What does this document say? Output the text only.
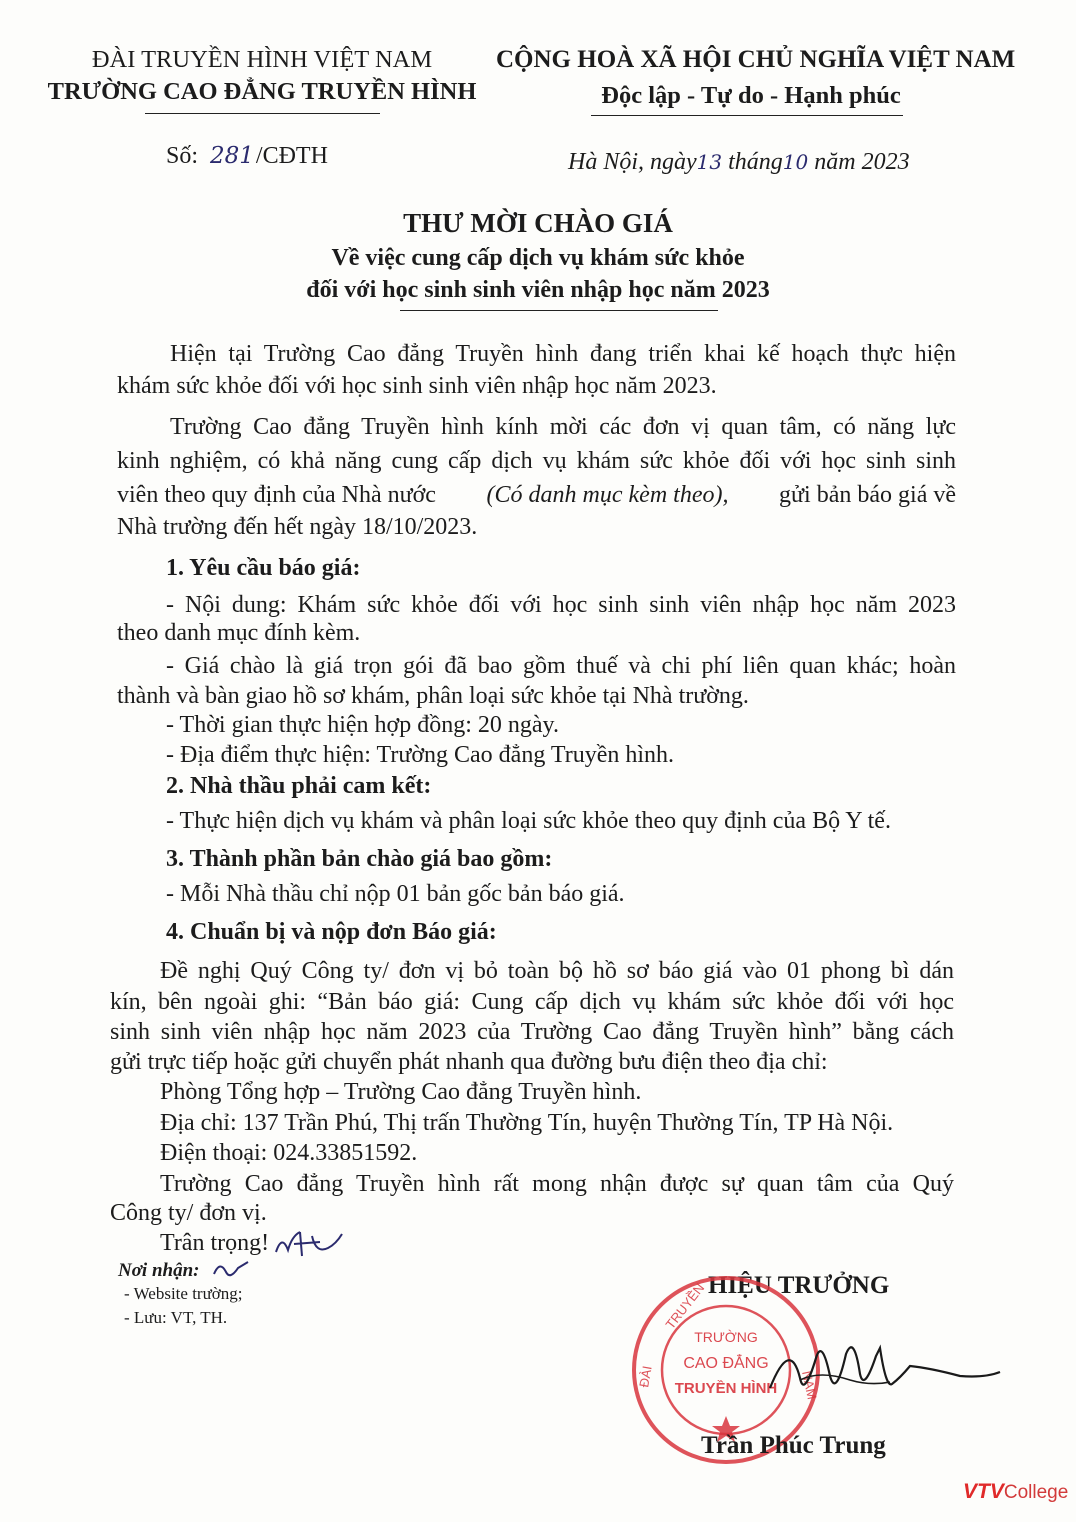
ĐÀI TRUYỀN HÌNH VIỆT NAM
TRƯỜNG CAO ĐẲNG TRUYỀN HÌNH
CỘNG HOÀ XÃ HỘI CHỦ NGHĨA VIỆT NAM
Độc lập - Tự do - Hạnh phúc
Số: 281/CĐTH	Hà Nội, ngày13 tháng10 năm 2023
THƯ MỜI CHÀO GIÁ
Về việc cung cấp dịch vụ khám sức khỏe
đối với học sinh sinh viên nhập học năm 2023
Hiện tại Trường Cao đẳng Truyền hình đang triển khai kế hoạch thực hiện
khám sức khỏe đối với học sinh sinh viên nhập học năm 2023.
Trường Cao đẳng Truyền hình kính mời các đơn vị quan tâm, có năng lực
kinh nghiệm, có khả năng cung cấp dịch vụ khám sức khỏe đối với học sinh sinh
viên theo quy định của Nhà nước (Có danh mục kèm theo), gửi bản báo giá về
Nhà trường đến hết ngày 18/10/2023.
1. Yêu cầu báo giá:
- Nội dung: Khám sức khỏe đối với học sinh sinh viên nhập học năm 2023
theo danh mục đính kèm.
- Giá chào là giá trọn gói đã bao gồm thuế và chi phí liên quan khác; hoàn
thành và bàn giao hồ sơ khám, phân loại sức khỏe tại Nhà trường.
- Thời gian thực hiện hợp đồng: 20 ngày.
- Địa điểm thực hiện: Trường Cao đẳng Truyền hình.
2. Nhà thầu phải cam kết:
- Thực hiện dịch vụ khám và phân loại sức khỏe theo quy định của Bộ Y tế.
3. Thành phần bản chào giá bao gồm:
- Mỗi Nhà thầu chỉ nộp 01 bản gốc bản báo giá.
4. Chuẩn bị và nộp đơn Báo giá:
Đề nghị Quý Công ty/ đơn vị bỏ toàn bộ hồ sơ báo giá vào 01 phong bì dán
kín, bên ngoài ghi: “Bản báo giá: Cung cấp dịch vụ khám sức khỏe đối với học
sinh sinh viên nhập học năm 2023 của Trường Cao đẳng Truyền hình” bằng cách
gửi trực tiếp hoặc gửi chuyển phát nhanh qua đường bưu điện theo địa chỉ:
Phòng Tổng hợp – Trường Cao đẳng Truyền hình.
Địa chỉ: 137 Trần Phú, Thị trấn Thường Tín, huyện Thường Tín, TP Hà Nội.
Điện thoại: 024.33851592.
Trường Cao đẳng Truyền hình rất mong nhận được sự quan tâm của Quý
Công ty/ đơn vị.
Trân trọng!
Nơi nhận:
- Website trường;
- Lưu: VT, TH.
HIỆU TRƯỞNG
TRUYỀN
ĐÀI	NAM
TRƯỜNG
CAO ĐẲNG
TRUYỀN HÌNH
Trần Phúc Trung
VTVCollege
